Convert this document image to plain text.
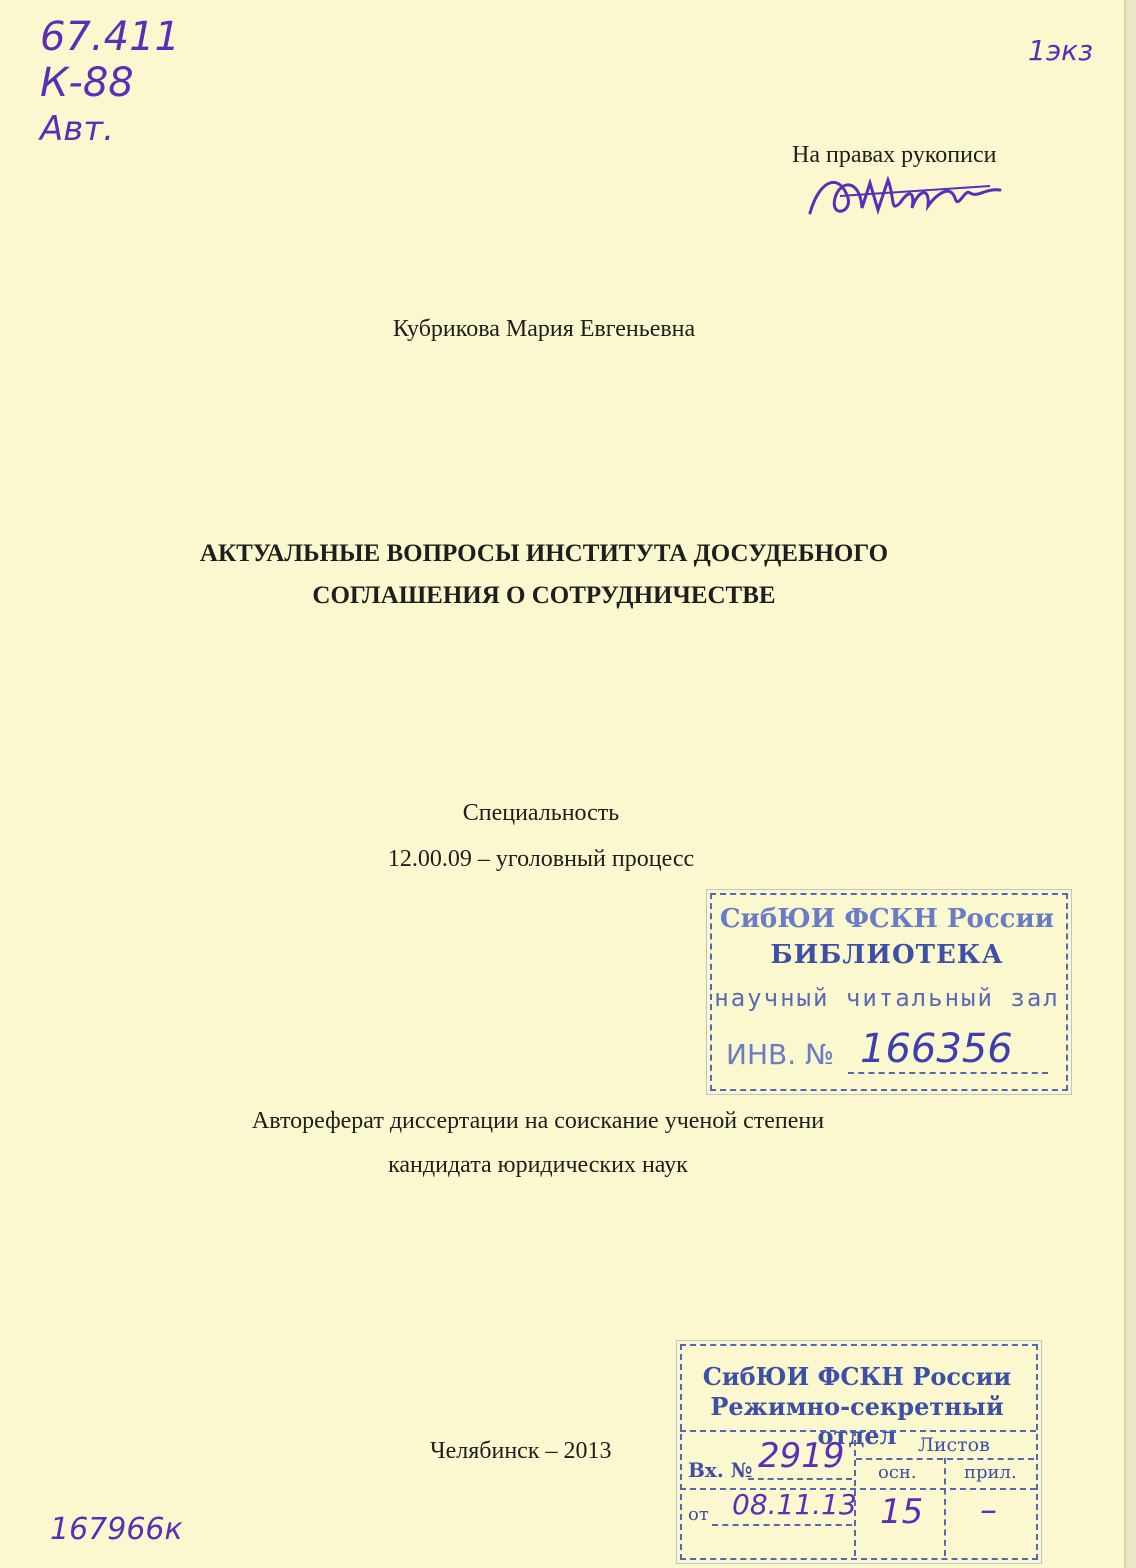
67.411
К-88
Авт.
1экз
На правах рукописи
Кубрикова Мария Евгеньевна
АКТУАЛЬНЫЕ ВОПРОСЫ ИНСТИТУТА ДОСУДЕБНОГО
СОГЛАШЕНИЯ О СОТРУДНИЧЕСТВЕ
Специальность
12.00.09 – уголовный процесс
СибЮИ ФСКН России
БИБЛИОТЕКА
научный читальный зал
ИНВ. № 166356
Автореферат диссертации на соискание ученой степени
кандидата юридических наук
Челябинск – 2013
СибЮИ ФСКН России
Режимно-секретный отдел	Листов
Вх. № 2919 осн.	прил.
от 08.11.13 15 –
167966к
